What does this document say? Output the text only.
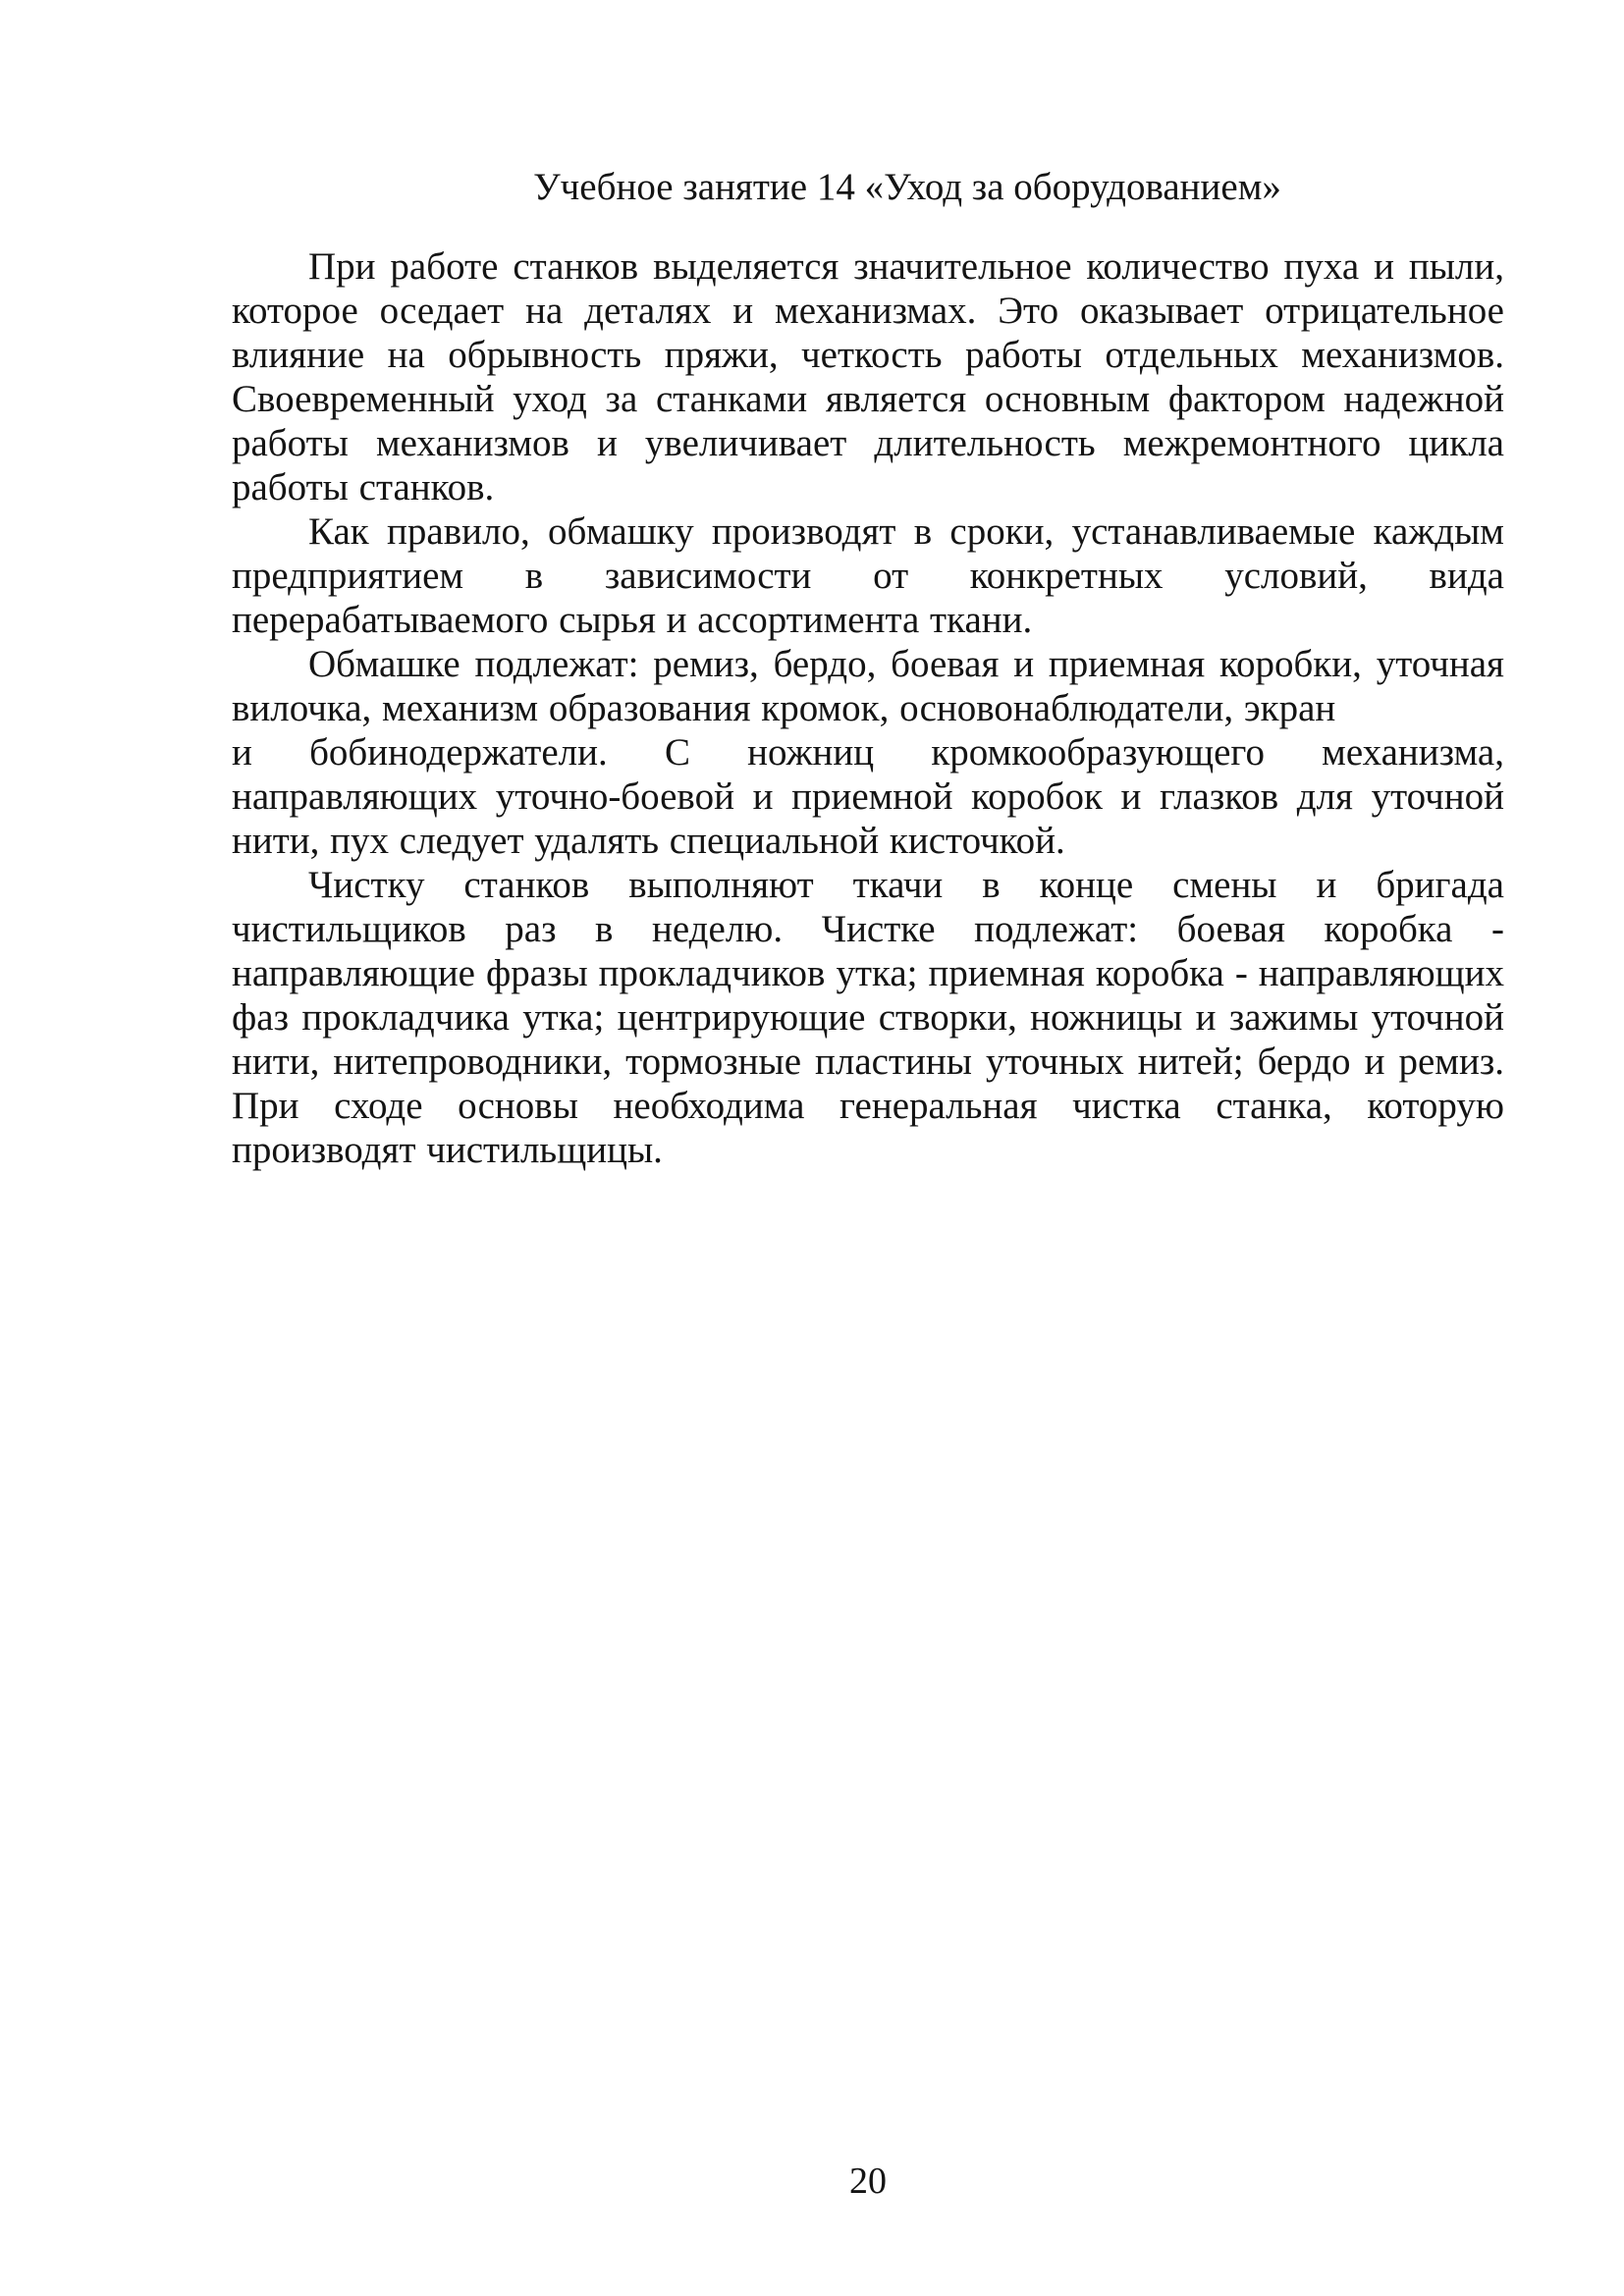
Учебное занятие 14 «Уход за оборудованием»

При работе станков выделяется значительное количество пуха и пыли, которое оседает на деталях и механизмах. Это оказывает отрицательное влияние на обрывность пряжи, четкость работы отдельных механизмов. Своевременный уход за станками является основным фактором надежной работы механизмов и увеличивает длительность межремонтного цикла работы станков.

Как правило, обмашку производят в сроки, устанавливаемые каждым предприятием в зависимости от конкретных условий, вида перерабатываемого сырья и ассортимента ткани.

Обмашке подлежат: ремиз, бердо, боевая и приемная коробки, уточная вилочка, механизм образования кромок, основонаблюдатели, экран
и бобинодержатели. С ножниц кромкообразующего механизма, направляющих уточно-боевой и приемной коробок и глазков для уточной нити, пух следует удалять специальной кисточкой.

Чистку станков выполняют ткачи в конце смены и бригада чистильщиков раз в неделю. Чистке подлежат: боевая коробка - направляющие фразы прокладчиков утка; приемная коробка - направляющих фаз прокладчика утка; центрирующие створки, ножницы и зажимы уточной нити, нитепроводники, тормозные пластины уточных нитей; бердо и ремиз. При сходе основы необходима генеральная чистка станка, которую производят чистильщицы.

20
